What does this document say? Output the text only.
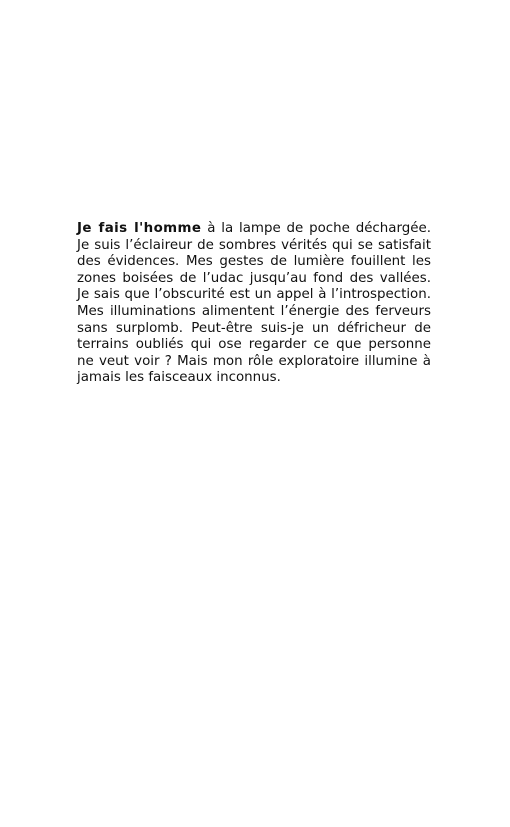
Je fais l'homme à la lampe de poche déchargée. Je suis l’éclaireur de sombres vérités qui se satisfait des évidences. Mes gestes de lumière fouillent les zones boisées de l’udac jusqu’au fond des vallées. Je sais que l’obscurité est un appel à l’introspection. Mes illuminations alimentent l’énergie des ferveurs sans surplomb. Peut-être suis-je un défricheur de terrains oubliés qui ose regarder ce que personne ne veut voir ? Mais mon rôle exploratoire illumine à jamais les faisceaux inconnus.
